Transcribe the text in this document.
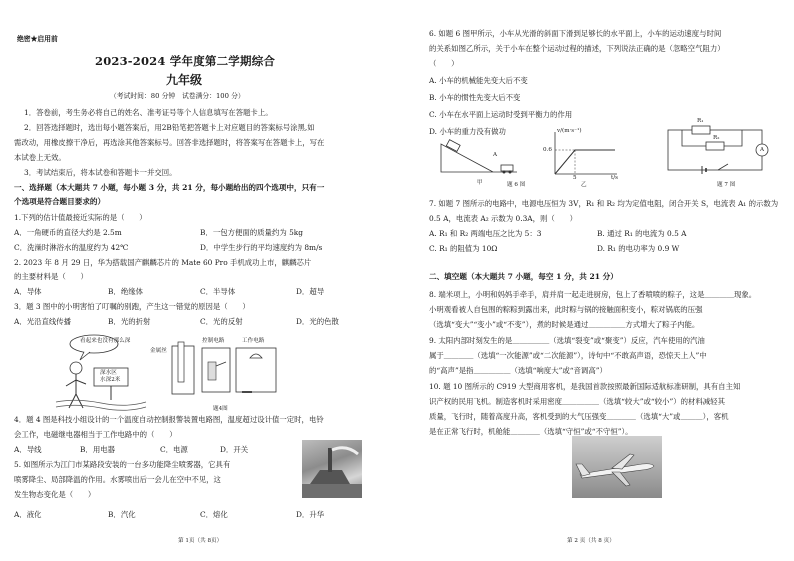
绝密★启用前
2023-2024 学年度第二学期综合
九年级
（考试时间：80 分钟　试卷满分：100 分）
1．答卷前，考生务必将自己的姓名、准考证号等个人信息填写在答题卡上。
2．回答选择题时，选出每小题答案后，用2B铅笔把答题卡上对应题目的答案标号涂黑,如
需改动，用橡皮擦干净后，再选涂其他答案标号。回答非选择题时，将答案写在答题卡上，写在
本试卷上无效。
3．考试结束后，将本试卷和答题卡一并交回。
一、选择题（本大题共 7 小题，每小题 3 分，共 21 分，每小题给出的四个选项中，只有一
个选项是符合题目要求的）
1.下列的估计值最接近实际的是（　　）
A．一角硬币的直径大约是 2.5m	B．一包方便面的质量约为 5kg
C．洗澡时淋浴水的温度约为 42℃	D．中学生步行的平均速度约为 8m/s
2. 2023 年 8 月 29 日，华为搭载国产麒麟芯片的 Mate 60 Pro 手机成功上市，麒麟芯片
的主要材料是（　　）
A．导体	B．绝缘体	C．半导体	D．超导
3．题 3 图中的小明害怕了叮嘱的别跑，产生这一错觉的原因是（　　）
A．光沿直线传播	B．光的折射	C．光的反射	D．光的色散
看起来也没有那么深
深水区
水深2米
金属丝
控制电路	工作电路
题4图
4．题 4 图是科技小组设计的一个温度自动控制报警装置电路图，温度超过设计值一定时，电铃
会工作，电磁继电器相当于工作电路中的（　　）
A．导线	B．用电器	C．电源	D．开关
5. 如图所示为江门市某路段安装的一台多功能降尘喷雾器，它具有
喷雾降尘、局部降温的作用。水雾喷出后一会儿在空中不见，这
发生物态变化是（　　）
A．液化	B．汽化	C．熔化	D．升华
第 1页（共 8页）
6. 如题 6 图甲所示，小车从光滑的斜面下滑到足够长的水平面上，小车的运动速度与时间
的关系如图乙所示，关于小车在整个运动过程的描述，下列说法正确的是（忽略空气阻力）
（　　）
A. 小车的机械能先变大后不变
B. 小车的惯性先变大后不变
C. 小车在水平面上运动时受到平衡力的作用
D. 小车的重力没有做功
A
甲
v/(m·s⁻¹)
0.6
5	t/s
乙
题 6 图
R₁
R₂
A
题 7 图
7. 如题 7 图所示的电路中，电源电压恒为 3V，R₁ 和 R₂ 均为定值电阻，闭合开关 S，电流表 A₁ 的示数为
0.5 A，电流表 A₂ 示数为 0.3A，则（　　）
A. R₁ 和 R₂ 两端电压之比为 5：3	B. 通过 R₁ 的电流为 0.5 A
C. R₁ 的阻值为 10Ω	D. R₁ 的电功率为 0.9 W
二、填空题（本大题共 7 小题，每空 1 分，共 21 分）
8. 端米项上，小明和妈妈手牵手，肩并肩一起走进厨房，包上了香喷喷的粽子，这是＿＿＿＿现象。
小明观看被人自包围的粽粽到露出来，此时粽与锅的接触面积变小，粽对锅底的压强
（选填“变大”“变小”或“不变”），煮的时候是通过＿＿＿＿＿方式增大了粽子内能。
9. 太阳内部时刻发生的是＿＿＿＿＿（选填“裂变”或“聚变”）反应，汽车使用的汽油
属于＿＿＿＿（选填“一次能源”或“二次能源”），诗句中“不敢高声语，恐惊天上人”中
的“高声”是指＿＿＿＿＿（选填“响度大”或“音调高”）
10. 题 10 图所示的 C919 大型商用客机，是我国首款按照最新国际适航标准研制，具有自主知
识产权的民用飞机。制造客机时采用密度＿＿＿＿＿（选填“较大”或“较小”）的材料减轻其
质量，飞行时，随着高度升高，客机受到的大气压强变＿＿＿＿（选填“大”或＿＿＿），客机
是在正常飞行时，机舱能＿＿＿＿（选填“守恒”或“不守恒”）。
第 2 页（共 8 页）
